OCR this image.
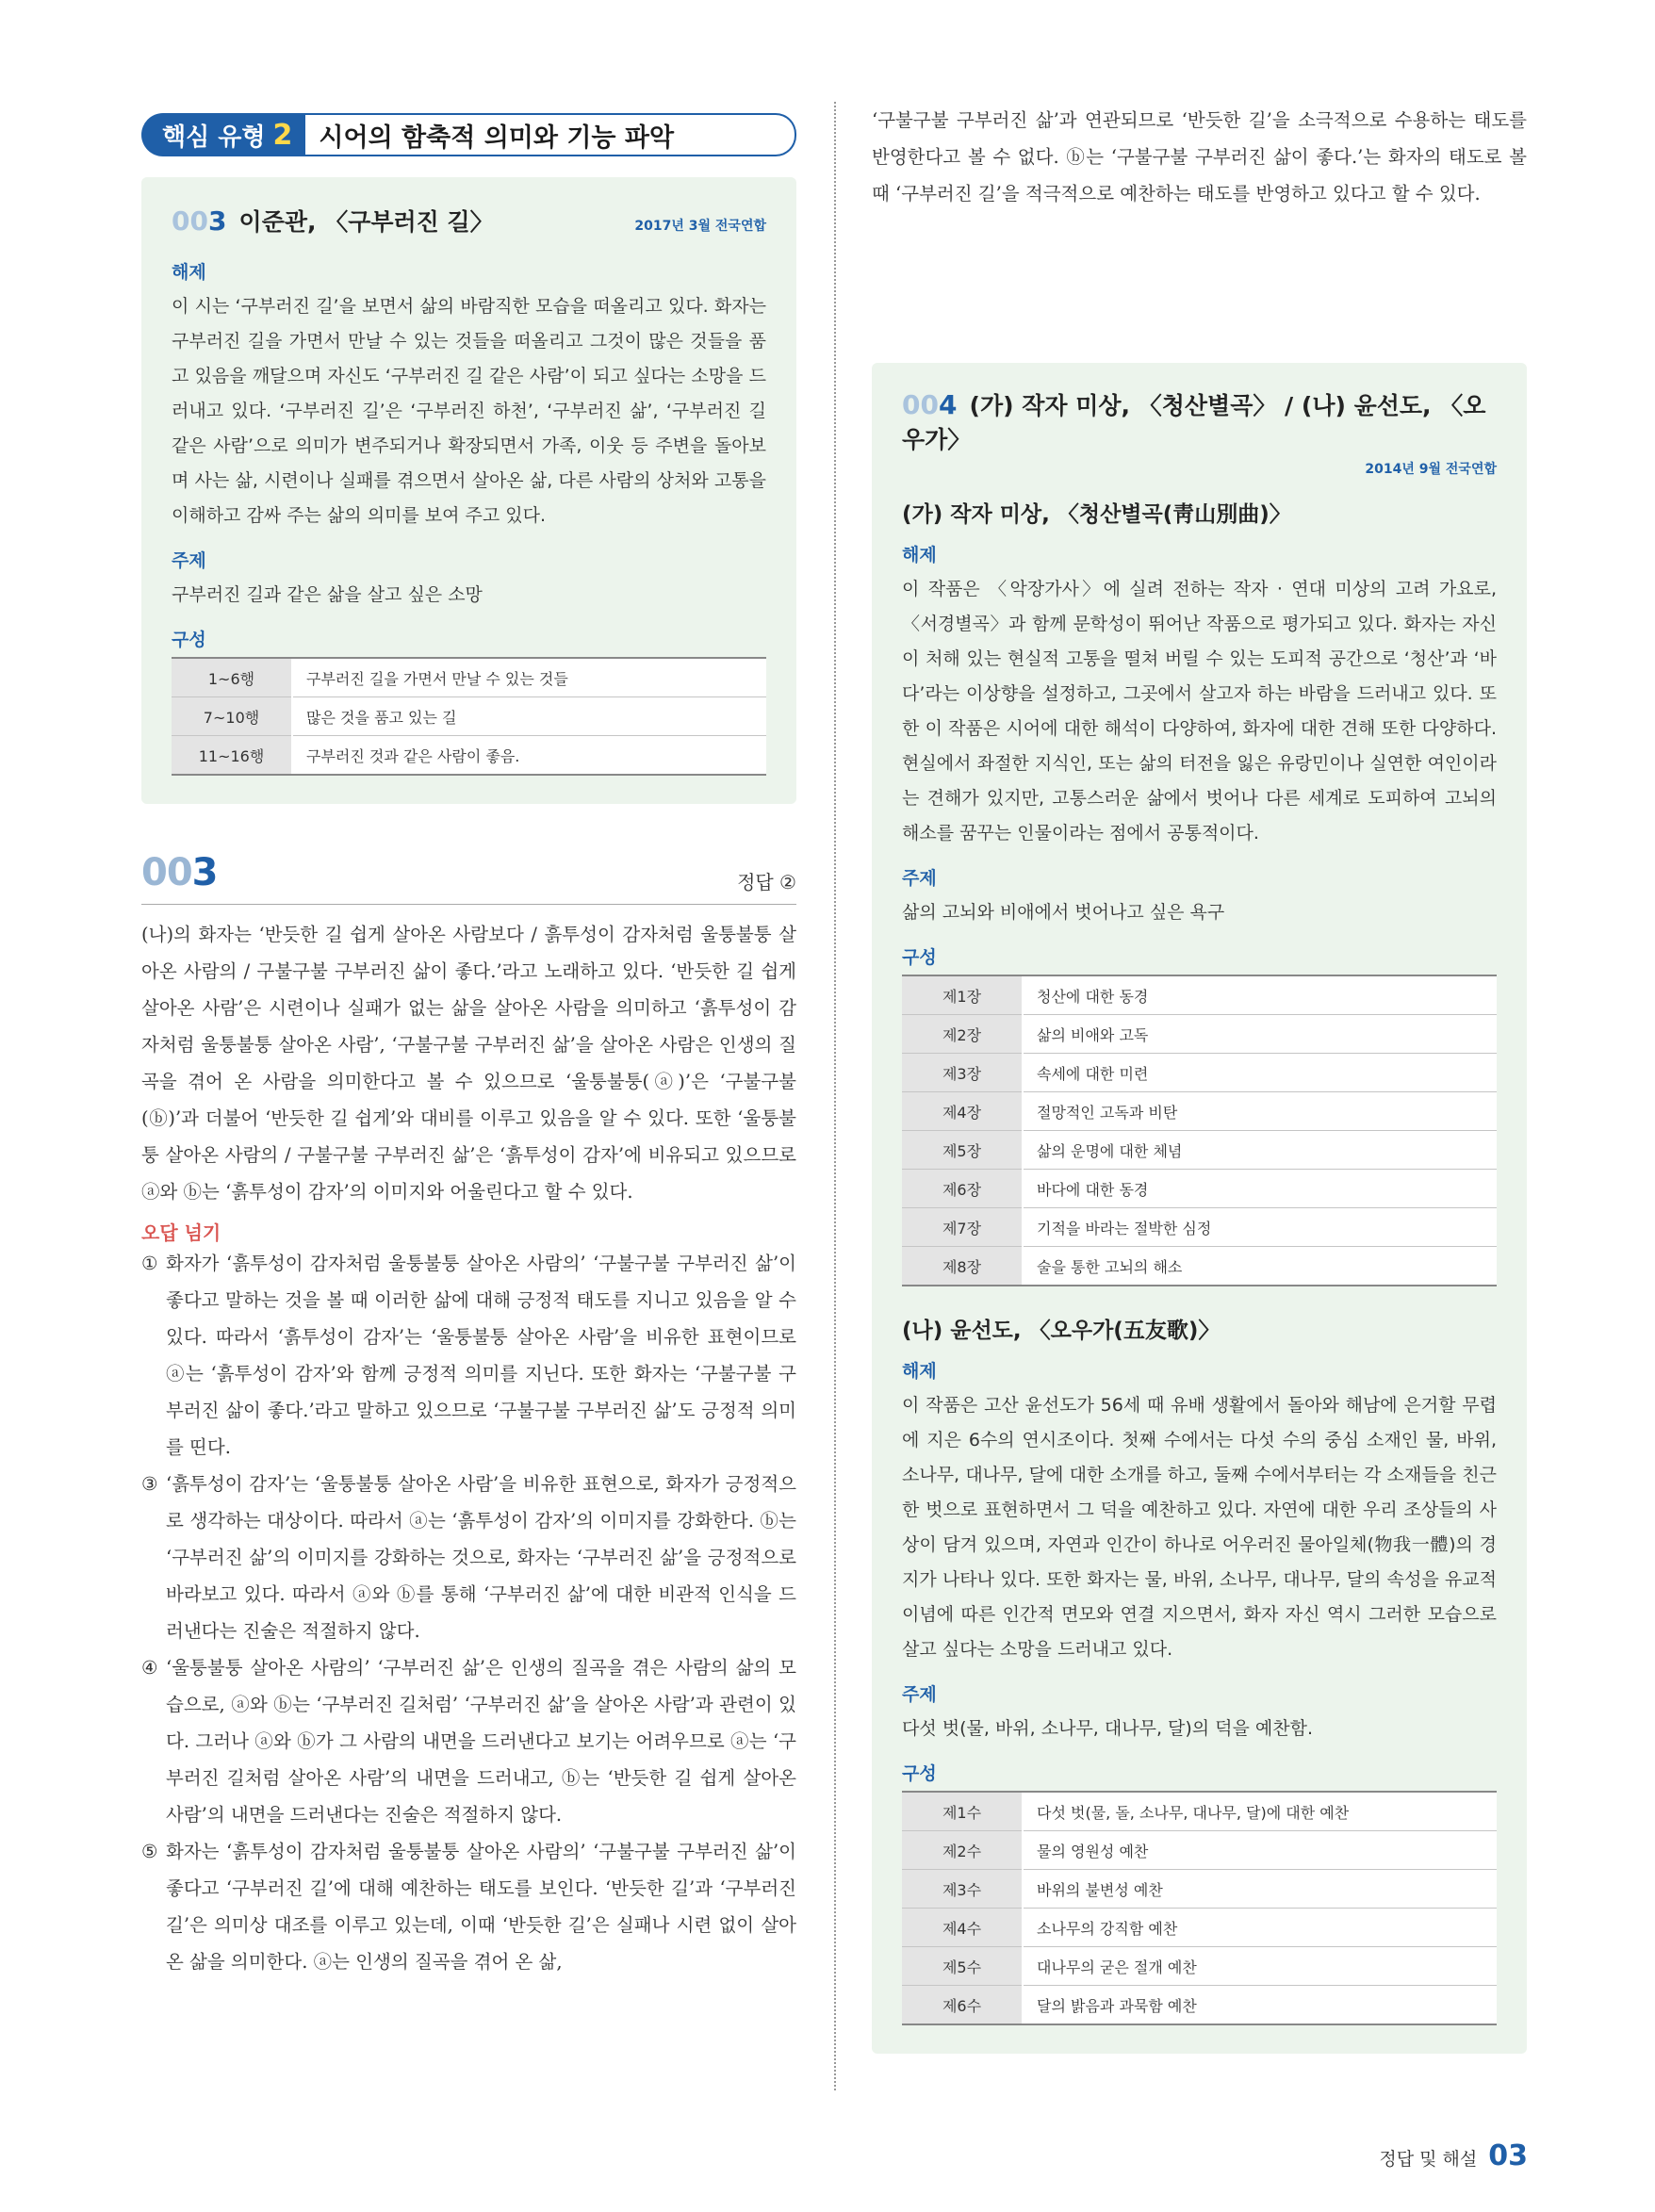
핵심 유형 2	시어의 함축적 의미와 기능 파악
003 이준관, 〈구부러진 길〉	2017년 3월 전국연합
해제
이 시는 ‘구부러진 길’을 보면서 삶의 바람직한 모습을 떠올리고 있다. 화자는 구부러진 길을 가면서 만날 수 있는 것들을 떠올리고 그것이 많은 것들을 품고 있음을 깨달으며 자신도 ‘구부러진 길 같은 사람’이 되고 싶다는 소망을 드러내고 있다. ‘구부러진 길’은 ‘구부러진 하천’, ‘구부러진 삶’, ‘구부러진 길 같은 사람’으로 의미가 변주되거나 확장되면서 가족, 이웃 등 주변을 돌아보며 사는 삶, 시련이나 실패를 겪으면서 살아온 삶, 다른 사람의 상처와 고통을 이해하고 감싸 주는 삶의 의미를 보여 주고 있다.
주제
구부러진 길과 같은 삶을 살고 싶은 소망
구성
1~6행	구부러진 길을 가면서 만날 수 있는 것들
7~10행	많은 것을 품고 있는 길
11~16행	구부러진 것과 같은 사람이 좋음.
003	정답 ②
(나)의 화자는 ‘반듯한 길 쉽게 살아온 사람보다 / 흙투성이 감자처럼 울퉁불퉁 살아온 사람의 / 구불구불 구부러진 삶이 좋다.’라고 노래하고 있다. ‘반듯한 길 쉽게 살아온 사람’은 시련이나 실패가 없는 삶을 살아온 사람을 의미하고 ‘흙투성이 감자처럼 울퉁불퉁 살아온 사람’, ‘구불구불 구부러진 삶’을 살아온 사람은 인생의 질곡을 겪어 온 사람을 의미한다고 볼 수 있으므로 ‘울퉁불퉁(ⓐ)’은 ‘구불구불(ⓑ)’과 더불어 ‘반듯한 길 쉽게’와 대비를 이루고 있음을 알 수 있다. 또한 ‘울퉁불퉁 살아온 사람의 / 구불구불 구부러진 삶’은 ‘흙투성이 감자’에 비유되고 있으므로 ⓐ와 ⓑ는 ‘흙투성이 감자’의 이미지와 어울린다고 할 수 있다.
오답 넘기
① 화자가 ‘흙투성이 감자처럼 울퉁불퉁 살아온 사람의’ ‘구불구불 구부러진 삶’이 좋다고 말하는 것을 볼 때 이러한 삶에 대해 긍정적 태도를 지니고 있음을 알 수 있다. 따라서 ‘흙투성이 감자’는 ‘울퉁불퉁 살아온 사람’을 비유한 표현이므로 ⓐ는 ‘흙투성이 감자’와 함께 긍정적 의미를 지닌다. 또한 화자는 ‘구불구불 구부러진 삶이 좋다.’라고 말하고 있으므로 ‘구불구불 구부러진 삶’도 긍정적 의미를 띤다.
③ ‘흙투성이 감자’는 ‘울퉁불퉁 살아온 사람’을 비유한 표현으로, 화자가 긍정적으로 생각하는 대상이다. 따라서 ⓐ는 ‘흙투성이 감자’의 이미지를 강화한다. ⓑ는 ‘구부러진 삶’의 이미지를 강화하는 것으로, 화자는 ‘구부러진 삶’을 긍정적으로 바라보고 있다. 따라서 ⓐ와 ⓑ를 통해 ‘구부러진 삶’에 대한 비관적 인식을 드러낸다는 진술은 적절하지 않다.
④ ‘울퉁불퉁 살아온 사람의’ ‘구부러진 삶’은 인생의 질곡을 겪은 사람의 삶의 모습으로, ⓐ와 ⓑ는 ‘구부러진 길처럼’ ‘구부러진 삶’을 살아온 사람’과 관련이 있다. 그러나 ⓐ와 ⓑ가 그 사람의 내면을 드러낸다고 보기는 어려우므로 ⓐ는 ‘구부러진 길처럼 살아온 사람’의 내면을 드러내고, ⓑ는 ‘반듯한 길 쉽게 살아온 사람’의 내면을 드러낸다는 진술은 적절하지 않다.
⑤ 화자는 ‘흙투성이 감자처럼 울퉁불퉁 살아온 사람의’ ‘구불구불 구부러진 삶’이 좋다고 ‘구부러진 길’에 대해 예찬하는 태도를 보인다. ‘반듯한 길’과 ‘구부러진 길’은 의미상 대조를 이루고 있는데, 이때 ‘반듯한 길’은 실패나 시련 없이 살아온 삶을 의미한다. ⓐ는 인생의 질곡을 겪어 온 삶,
‘구불구불 구부러진 삶’과 연관되므로 ‘반듯한 길’을 소극적으로 수용하는 태도를 반영한다고 볼 수 없다. ⓑ는 ‘구불구불 구부러진 삶이 좋다.’는 화자의 태도로 볼 때 ‘구부러진 길’을 적극적으로 예찬하는 태도를 반영하고 있다고 할 수 있다.
004 (가) 작자 미상, 〈청산별곡〉 / (나) 윤선도, 〈오우가〉
2014년 9월 전국연합
(가) 작자 미상, 〈청산별곡(靑山別曲)〉
해제
이 작품은 〈악장가사〉에 실려 전하는 작자 · 연대 미상의 고려 가요로, 〈서경별곡〉과 함께 문학성이 뛰어난 작품으로 평가되고 있다. 화자는 자신이 처해 있는 현실적 고통을 떨쳐 버릴 수 있는 도피적 공간으로 ‘청산’과 ‘바다’라는 이상향을 설정하고, 그곳에서 살고자 하는 바람을 드러내고 있다. 또한 이 작품은 시어에 대한 해석이 다양하여, 화자에 대한 견해 또한 다양하다. 현실에서 좌절한 지식인, 또는 삶의 터전을 잃은 유랑민이나 실연한 여인이라는 견해가 있지만, 고통스러운 삶에서 벗어나 다른 세계로 도피하여 고뇌의 해소를 꿈꾸는 인물이라는 점에서 공통적이다.
주제
삶의 고뇌와 비애에서 벗어나고 싶은 욕구
구성
제1장	청산에 대한 동경
제2장	삶의 비애와 고독
제3장	속세에 대한 미련
제4장	절망적인 고독과 비탄
제5장	삶의 운명에 대한 체념
제6장	바다에 대한 동경
제7장	기적을 바라는 절박한 심정
제8장	술을 통한 고뇌의 해소
(나) 윤선도, 〈오우가(五友歌)〉
해제
이 작품은 고산 윤선도가 56세 때 유배 생활에서 돌아와 해남에 은거할 무렵에 지은 6수의 연시조이다. 첫째 수에서는 다섯 수의 중심 소재인 물, 바위, 소나무, 대나무, 달에 대한 소개를 하고, 둘째 수에서부터는 각 소재들을 친근한 벗으로 표현하면서 그 덕을 예찬하고 있다. 자연에 대한 우리 조상들의 사상이 담겨 있으며, 자연과 인간이 하나로 어우러진 물아일체(物我一體)의 경지가 나타나 있다. 또한 화자는 물, 바위, 소나무, 대나무, 달의 속성을 유교적 이념에 따른 인간적 면모와 연결 지으면서, 화자 자신 역시 그러한 모습으로 살고 싶다는 소망을 드러내고 있다.
주제
다섯 벗(물, 바위, 소나무, 대나무, 달)의 덕을 예찬함.
구성
제1수	다섯 벗(물, 돌, 소나무, 대나무, 달)에 대한 예찬
제2수	물의 영원성 예찬
제3수	바위의 불변성 예찬
제4수	소나무의 강직함 예찬
제5수	대나무의 굳은 절개 예찬
제6수	달의 밝음과 과묵함 예찬
정답 및 해설 03
